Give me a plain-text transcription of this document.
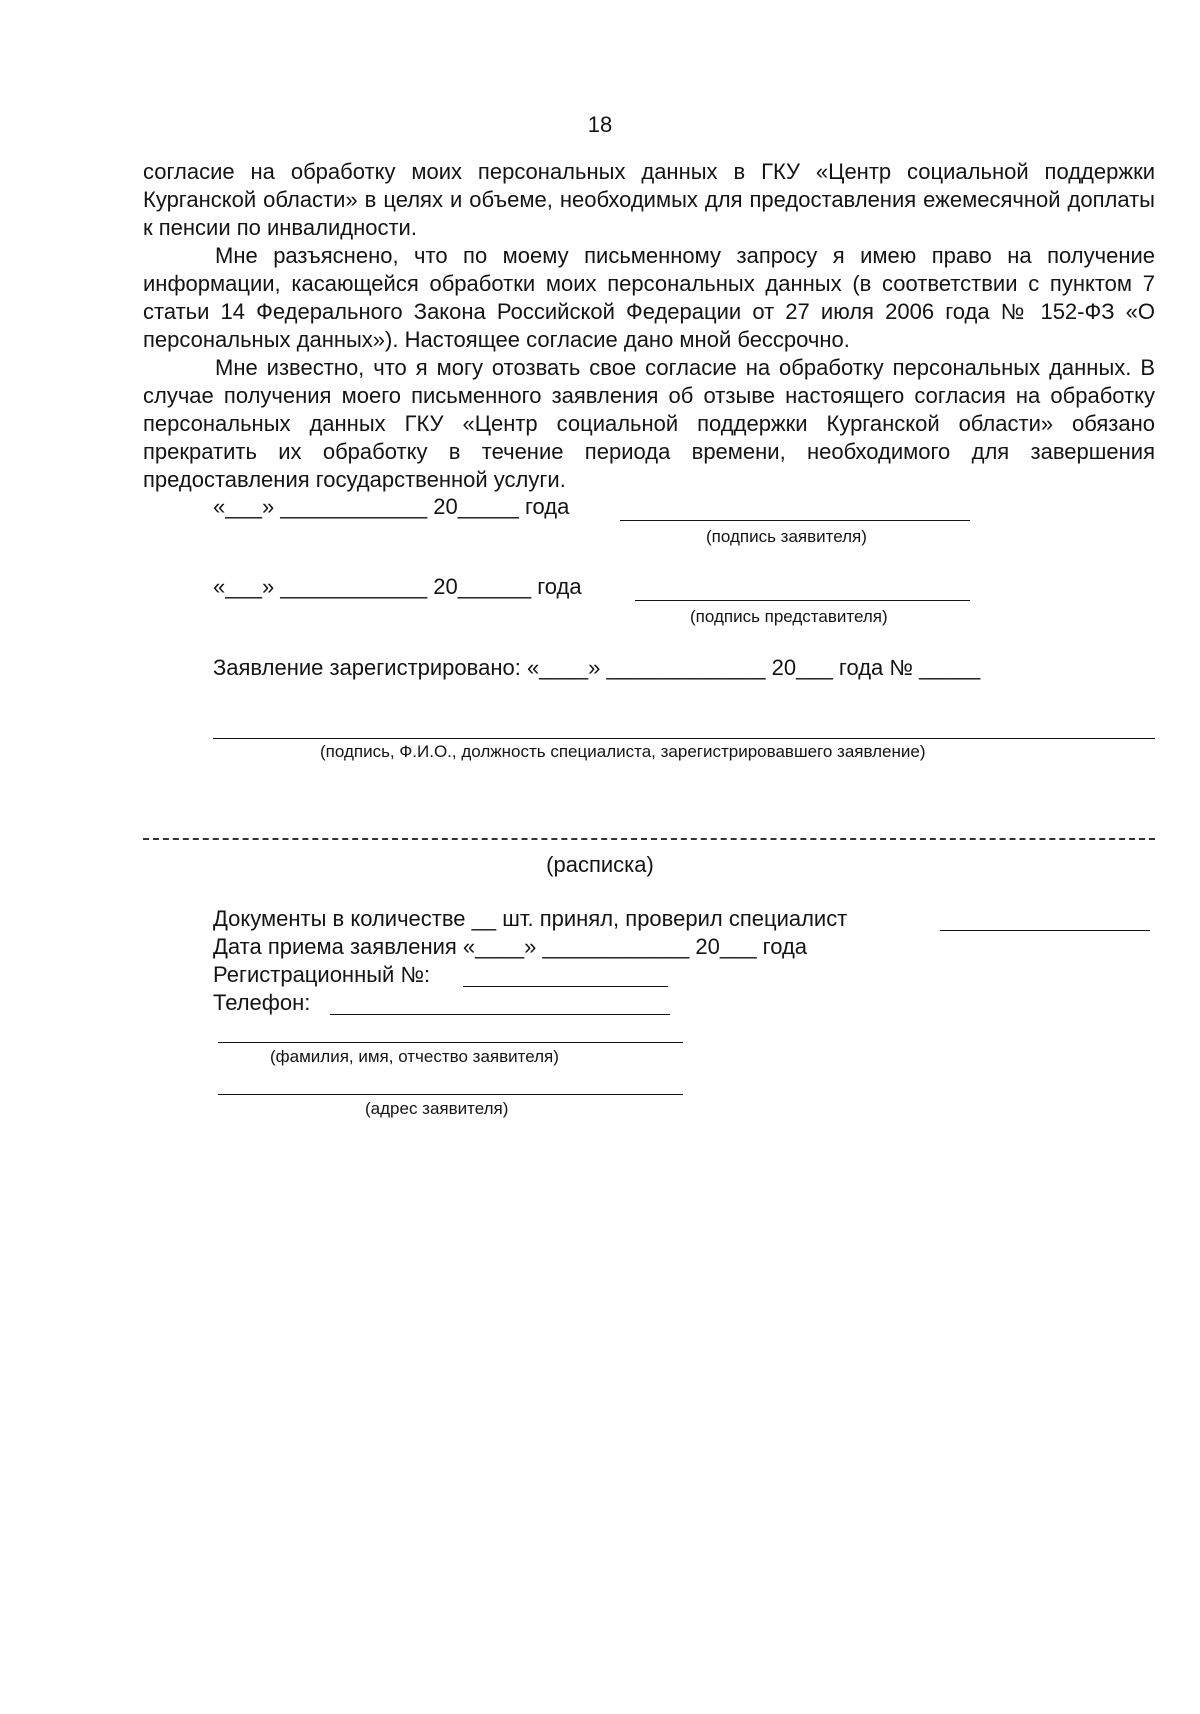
18

согласие на обработку моих персональных данных в ГКУ «Центр социальной поддержки Курганской области» в целях и объеме, необходимых для предоставления ежемесячной доплаты к пенсии по инвалидности.

Мне разъяснено, что по моему письменному запросу я имею право на получение информации, касающейся обработки моих персональных данных (в соответствии с пунктом 7 статьи 14 Федерального Закона Российской Федерации от 27 июля 2006 года № 152-ФЗ «О персональных данных»). Настоящее согласие дано мной бессрочно.

Мне известно, что я могу отозвать свое согласие на обработку персональных данных. В случае получения моего письменного заявления об отзыве настоящего согласия на обработку персональных данных ГКУ «Центр социальной поддержки Курганской области» обязано прекратить их обработку в течение периода времени, необходимого для завершения предоставления государственной услуги.

«___» ____________ 20_____ года
(подпись заявителя)
«___» ____________ 20______ года
(подпись представителя)
Заявление зарегистрировано: «____» _____________ 20___ года № _____
(подпись, Ф.И.О., должность специалиста, зарегистрировавшего заявление)
(расписка)
Документы в количестве __ шт. принял, проверил специалист
Дата приема заявления «____» ____________ 20___ года
Регистрационный №:
Телефон:
(фамилия, имя, отчество заявителя)
(адрес заявителя)
